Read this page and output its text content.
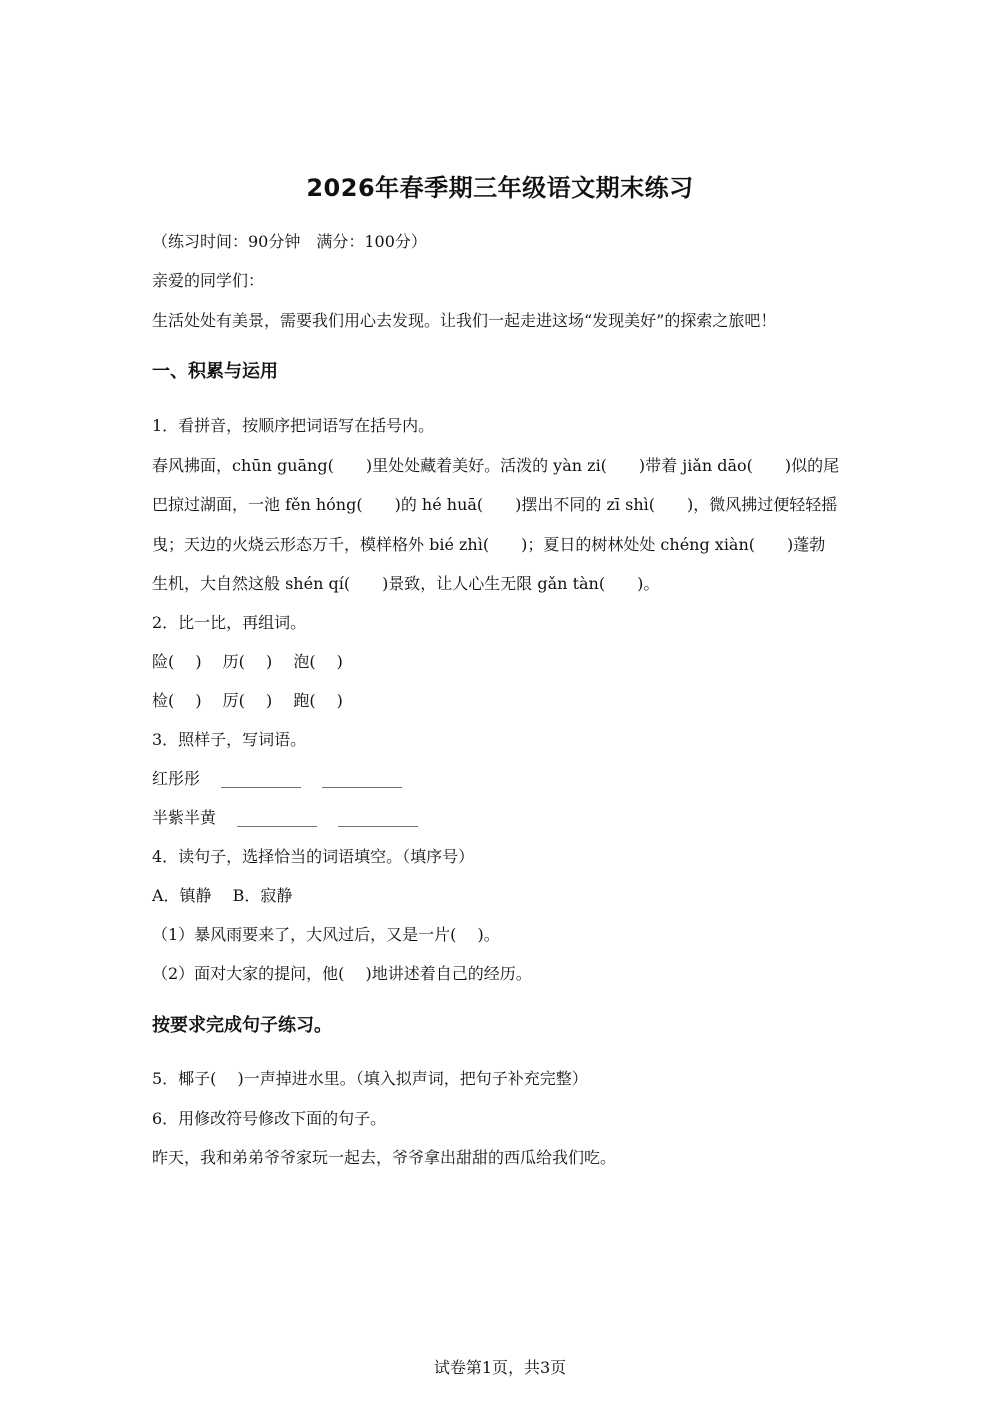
2026年春季期三年级语文期末练习
（练习时间：90分钟　满分：100分）
亲爱的同学们：
生活处处有美景，需要我们用心去发现。让我们一起走进这场“发现美好”的探索之旅吧！
一、积累与运用
1．看拼音，按顺序把词语写在括号内。
春风拂面，chūn guāng(　　)里处处藏着美好。活泼的 yàn zi(　　)带着 jiǎn dāo(　　)似的尾
巴掠过湖面，一池 fěn hóng(　　)的 hé huā(　　)摆出不同的 zī shì(　　)，微风拂过便轻轻摇
曳；天边的火烧云形态万千，模样格外 bié zhì(　　)；夏日的树林处处 chéng xiàn(　　)蓬勃
生机，大自然这般 shén qí(　　)景致，让人心生无限 gǎn tàn(　　)。
2．比一比，再组词。
险(　 )　 历(　 )　 泡(　 )
检(　 )　 厉(　 )　 跑(　 )
3．照样子，写词语。
红彤彤　 __________　 __________
半紫半黄　 __________　 __________
4．读句子，选择恰当的词语填空。（填序号）
A．镇静　 B．寂静
（1）暴风雨要来了，大风过后，又是一片(　 )。
（2）面对大家的提问，他(　 )地讲述着自己的经历。
按要求完成句子练习。
5．椰子(　 )一声掉进水里。（填入拟声词，把句子补充完整）
6．用修改符号修改下面的句子。
昨天，我和弟弟爷爷家玩一起去，爷爷拿出甜甜的西瓜给我们吃。
试卷第1页，共3页
